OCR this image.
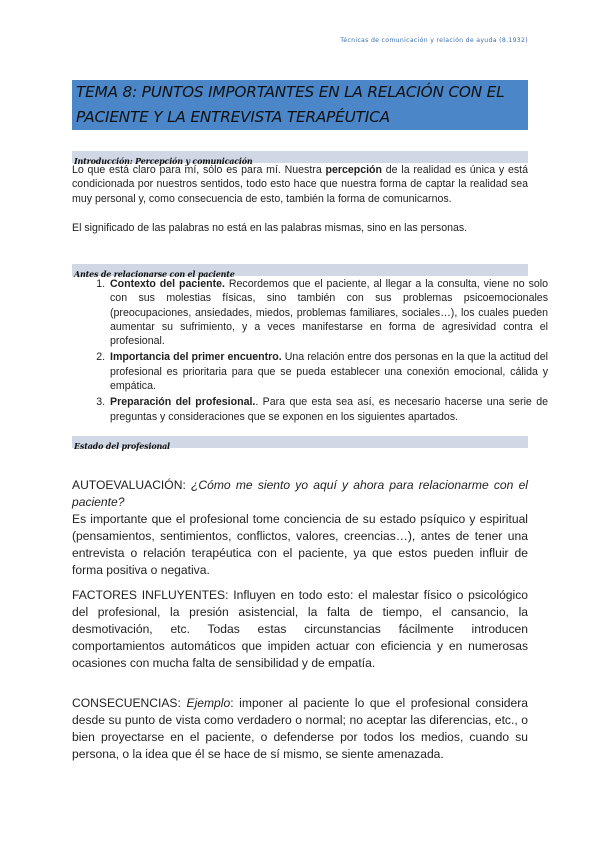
Técnicas de comunicación y relación de ayuda (8.1932)
TEMA 8: PUNTOS IMPORTANTES EN LA RELACIÓN CON EL
PACIENTE Y LA ENTREVISTA TERAPÉUTICA
Introducción: Percepción y comunicación

Lo que está claro para mí, sólo es para mí. Nuestra percepción de la realidad es única y está condicionada por nuestros sentidos, todo esto hace que nuestra forma de captar la realidad sea muy personal y, como consecuencia de esto, también la forma de comunicarnos.

El significado de las palabras no está en las palabras mismas, sino en las personas.

Antes de relacionarse con el paciente
1. Contexto del paciente. Recordemos que el paciente, al llegar a la consulta, viene no solo con sus molestias físicas, sino también con sus problemas psicoemocionales (preocupaciones, ansiedades, miedos, problemas familiares, sociales…), los cuales pueden aumentar su sufrimiento, y a veces manifestarse en forma de agresividad contra el profesional.
2. Importancia del primer encuentro. Una relación entre dos personas en la que la actitud del profesional es prioritaria para que se pueda establecer una conexión emocional, cálida y empática.
3. Preparación del profesional.. Para que esta sea así, es necesario hacerse una serie de preguntas y consideraciones que se exponen en los siguientes apartados.
Estado del profesional

AUTOEVALUACIÓN: ¿Cómo me siento yo aquí y ahora para relacionarme con el paciente?
Es importante que el profesional tome conciencia de su estado psíquico y espiritual (pensamientos, sentimientos, conflictos, valores, creencias…), antes de tener una entrevista o relación terapéutica con el paciente, ya que estos pueden influir de forma positiva o negativa.

FACTORES INFLUYENTES: Influyen en todo esto: el malestar físico o psicológico del profesional, la presión asistencial, la falta de tiempo, el cansancio, la desmotivación, etc. Todas estas circunstancias fácilmente introducen comportamientos automáticos que impiden actuar con eficiencia y en numerosas ocasiones con mucha falta de sensibilidad y de empatía.

CONSECUENCIAS: Ejemplo: imponer al paciente lo que el profesional considera desde su punto de vista como verdadero o normal; no aceptar las diferencias, etc., o bien proyectarse en el paciente, o defenderse por todos los medios, cuando su persona, o la idea que él se hace de sí mismo, se siente amenazada.
